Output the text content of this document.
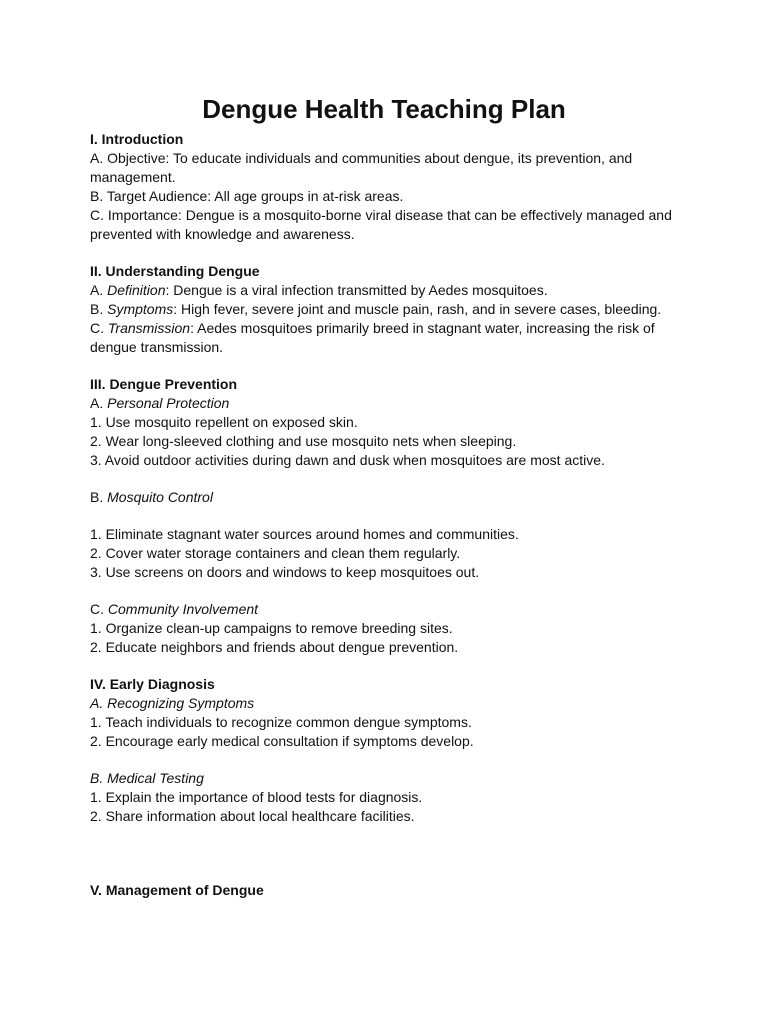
Dengue Health Teaching Plan

I. Introduction

A. Objective: To educate individuals and communities about dengue, its prevention, and management.

B. Target Audience: All age groups in at-risk areas.

C. Importance: Dengue is a mosquito-borne viral disease that can be effectively managed and prevented with knowledge and awareness.

II. Understanding Dengue

A. Definition: Dengue is a viral infection transmitted by Aedes mosquitoes.

B. Symptoms: High fever, severe joint and muscle pain, rash, and in severe cases, bleeding.

C. Transmission: Aedes mosquitoes primarily breed in stagnant water, increasing the risk of dengue transmission.

III. Dengue Prevention

A. Personal Protection

1. Use mosquito repellent on exposed skin.

2. Wear long-sleeved clothing and use mosquito nets when sleeping.

3. Avoid outdoor activities during dawn and dusk when mosquitoes are most active.

B. Mosquito Control

1. Eliminate stagnant water sources around homes and communities.

2. Cover water storage containers and clean them regularly.

3. Use screens on doors and windows to keep mosquitoes out.

C. Community Involvement

1. Organize clean-up campaigns to remove breeding sites.

2. Educate neighbors and friends about dengue prevention.

IV. Early Diagnosis

A. Recognizing Symptoms

1. Teach individuals to recognize common dengue symptoms.

2. Encourage early medical consultation if symptoms develop.

B. Medical Testing

1. Explain the importance of blood tests for diagnosis.

2. Share information about local healthcare facilities.

V. Management of Dengue
